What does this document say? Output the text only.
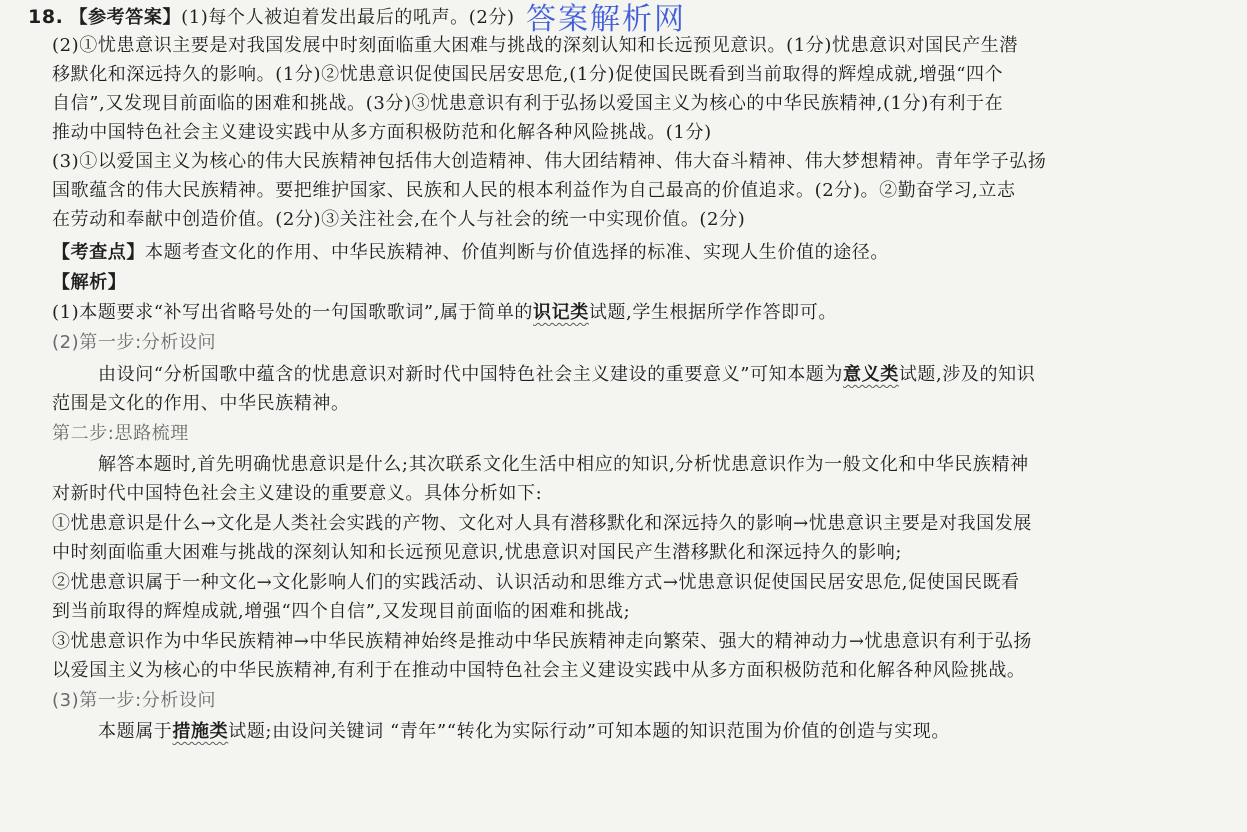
答案解析网
18. 【参考答案】(1)每个人被迫着发出最后的吼声。(2分)
(2)①忧患意识主要是对我国发展中时刻面临重大困难与挑战的深刻认知和长远预见意识。(1分)忧患意识对国民产生潜
移默化和深远持久的影响。(1分)②忧患意识促使国民居安思危,(1分)促使国民既看到当前取得的辉煌成就,增强“四个
自信”,又发现目前面临的困难和挑战。(3分)③忧患意识有利于弘扬以爱国主义为核心的中华民族精神,(1分)有利于在
推动中国特色社会主义建设实践中从多方面积极防范和化解各种风险挑战。(1分)
(3)①以爱国主义为核心的伟大民族精神包括伟大创造精神、伟大团结精神、伟大奋斗精神、伟大梦想精神。青年学子弘扬
国歌蕴含的伟大民族精神。要把维护国家、民族和人民的根本利益作为自己最高的价值追求。(2分)。②勤奋学习,立志
在劳动和奉献中创造价值。(2分)③关注社会,在个人与社会的统一中实现价值。(2分)
【考查点】本题考查文化的作用、中华民族精神、价值判断与价值选择的标准、实现人生价值的途径。
【解析】
(1)本题要求“补写出省略号处的一句国歌歌词”,属于简单的识记类试题,学生根据所学作答即可。
(2)第一步:分析设问
由设问“分析国歌中蕴含的忧患意识对新时代中国特色社会主义建设的重要意义”可知本题为意义类试题,涉及的知识
范围是文化的作用、中华民族精神。
第二步:思路梳理
解答本题时,首先明确忧患意识是什么;其次联系文化生活中相应的知识,分析忧患意识作为一般文化和中华民族精神
对新时代中国特色社会主义建设的重要意义。具体分析如下:
①忧患意识是什么→文化是人类社会实践的产物、文化对人具有潜移默化和深远持久的影响→忧患意识主要是对我国发展
中时刻面临重大困难与挑战的深刻认知和长远预见意识,忧患意识对国民产生潜移默化和深远持久的影响;
②忧患意识属于一种文化→文化影响人们的实践活动、认识活动和思维方式→忧患意识促使国民居安思危,促使国民既看
到当前取得的辉煌成就,增强“四个自信”,又发现目前面临的困难和挑战;
③忧患意识作为中华民族精神→中华民族精神始终是推动中华民族精神走向繁荣、强大的精神动力→忧患意识有利于弘扬
以爱国主义为核心的中华民族精神,有利于在推动中国特色社会主义建设实践中从多方面积极防范和化解各种风险挑战。
(3)第一步:分析设问
本题属于措施类试题;由设问关键词 “青年”“转化为实际行动”可知本题的知识范围为价值的创造与实现。
